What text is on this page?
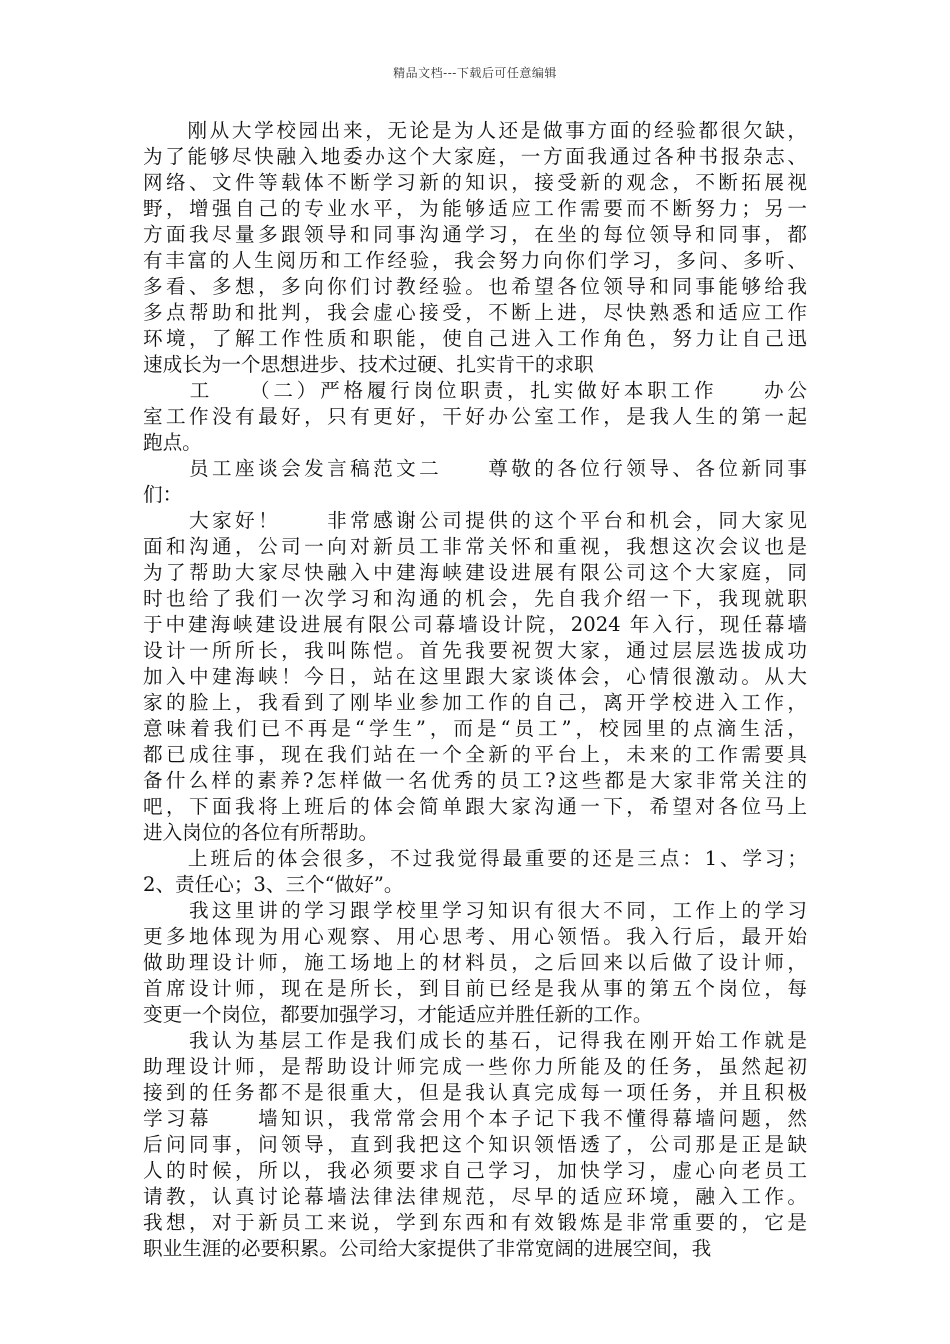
精品文档---下载后可任意编辑
　　刚从大学校园出来，无论是为人还是做事方面的经验都很欠缺，
为了能够尽快融入地委办这个大家庭，一方面我通过各种书报杂志、
网络、文件等载体不断学习新的知识，接受新的观念，不断拓展视
野，增强自己的专业水平，为能够适应工作需要而不断努力；另一
方面我尽量多跟领导和同事沟通学习，在坐的每位领导和同事，都
有丰富的人生阅历和工作经验，我会努力向你们学习，多问、多听、
多看、多想，多向你们讨教经验。也希望各位领导和同事能够给我
多点帮助和批判，我会虚心接受，不断上进，尽快熟悉和适应工作
环境，了解工作性质和职能，使自己进入工作角色，努力让自己迅
速成长为一个思想进步、技术过硬、扎实肯干的求职
　　工　　（二）严格履行岗位职责，扎实做好本职工作　　办公
室工作没有最好，只有更好，干好办公室工作，是我人生的第一起
跑点。
　　员工座谈会发言稿范文二　　尊敬的各位行领导、各位新同事
们：
　　大家好！　　非常感谢公司提供的这个平台和机会，同大家见
面和沟通，公司一向对新员工非常关怀和重视，我想这次会议也是
为了帮助大家尽快融入中建海峡建设进展有限公司这个大家庭，同
时也给了我们一次学习和沟通的机会，先自我介绍一下，我现就职
于中建海峡建设进展有限公司幕墙设计院，2024 年入行，现任幕墙
设计一所所长，我叫陈恺。首先我要祝贺大家，通过层层选拔成功
加入中建海峡！今日，站在这里跟大家谈体会，心情很激动。从大
家的脸上，我看到了刚毕业参加工作的自己，离开学校进入工作，
意味着我们已不再是“学生”，而是“员工”，校园里的点滴生活，
都已成往事，现在我们站在一个全新的平台上，未来的工作需要具
备什么样的素养?怎样做一名优秀的员工?这些都是大家非常关注的
吧，下面我将上班后的体会简单跟大家沟通一下，希望对各位马上
进入岗位的各位有所帮助。
　　上班后的体会很多，不过我觉得最重要的还是三点：1、学习；
2、责任心；3、三个“做好”。
　　我这里讲的学习跟学校里学习知识有很大不同，工作上的学习
更多地体现为用心观察、用心思考、用心领悟。我入行后，最开始
做助理设计师，施工场地上的材料员，之后回来以后做了设计师，
首席设计师，现在是所长，到目前已经是我从事的第五个岗位，每
变更一个岗位，都要加强学习，才能适应并胜任新的工作。
　　我认为基层工作是我们成长的基石，记得我在刚开始工作就是
助理设计师，是帮助设计师完成一些你力所能及的任务，虽然起初
接到的任务都不是很重大，但是我认真完成每一项任务，并且积极
学习幕　　墙知识，我常常会用个本子记下我不懂得幕墙问题，然
后问同事，问领导，直到我把这个知识领悟透了，公司那是正是缺
人的时候，所以，我必须要求自己学习，加快学习，虚心向老员工
请教，认真讨论幕墙法律法律规范，尽早的适应环境，融入工作。
我想，对于新员工来说，学到东西和有效锻炼是非常重要的，它是
职业生涯的必要积累。公司给大家提供了非常宽阔的进展空间，我
